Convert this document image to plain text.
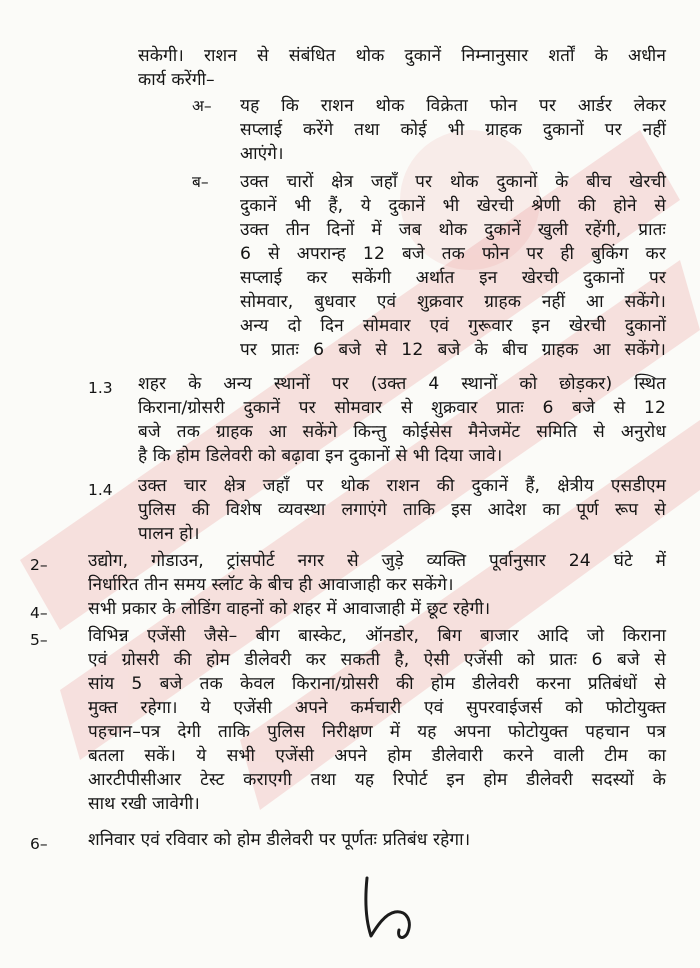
सकेगी। राशन से संबंधित थोक दुकानें निम्नानुसार शर्तों के अधीन
कार्य करेंगी–
अ– यह कि राशन थोक विक्रेता फोन पर आर्डर लेकर
सप्लाई करेंगे तथा कोई भी ग्राहक दुकानों पर नहीं
आएंगे।
ब– उक्त चारों क्षेत्र जहाँ पर थोक दुकानों के बीच खेरची
दुकानें भी हैं, ये दुकानें भी खेरची श्रेणी की होने से
उक्त तीन दिनों में जब थोक दुकानें खुली रहेंगी, प्रातः
6 से अपरान्ह 12 बजे तक फोन पर ही बुकिंग कर
सप्लाई कर सकेंगी अर्थात इन खेरची दुकानों पर
सोमवार, बुधवार एवं शुक्रवार ग्राहक नहीं आ सकेंगे।
अन्य दो दिन सोमवार एवं गुरूवार इन खेरची दुकानों
पर प्रातः 6 बजे से 12 बजे के बीच ग्राहक आ सकेंगे।
1.3 शहर के अन्य स्थानों पर (उक्त 4 स्थानों को छोड़कर) स्थित
किराना/ग्रोसरी दुकानें पर सोमवार से शुक्रवार प्रातः 6 बजे से 12
बजे तक ग्राहक आ सकेंगे किन्तु कोईसेस मैनेजमेंट समिति से अनुरोध
है कि होम डिलेवरी को बढ़ावा इन दुकानों से भी दिया जावे।
1.4 उक्त चार क्षेत्र जहाँ पर थोक राशन की दुकानें हैं, क्षेत्रीय एसडीएम
पुलिस की विशेष व्यवस्था लगाएंगे ताकि इस आदेश का पूर्ण रूप से
पालन हो।
2– उद्योग, गोडाउन, ट्रांसपोर्ट नगर से जुड़े व्यक्ति पूर्वानुसार 24 घंटे में
निर्धारित तीन समय स्लॉट के बीच ही आवाजाही कर सकेंगे।
4– सभी प्रकार के लोडिंग वाहनों को शहर में आवाजाही में छूट रहेगी।
5– विभिन्न एजेंसी जैसे– बीग बास्केट, ऑनडोर, बिग बाजार आदि जो किराना
एवं ग्रोसरी की होम डीलेवरी कर सकती है, ऐसी एजेंसी को प्रातः 6 बजे से
सांय 5 बजे तक केवल किराना/ग्रोसरी की होम डीलेवरी करना प्रतिबंधों से
मुक्त रहेगा। ये एजेंसी अपने कर्मचारी एवं सुपरवाईजर्स को फोटोयुक्त
पहचान–पत्र देगी ताकि पुलिस निरीक्षण में यह अपना फोटोयुक्त पहचान पत्र
बतला सकें। ये सभी एजेंसी अपने होम डीलेवारी करने वाली टीम का
आरटीपीसीआर टेस्ट कराएगी तथा यह रिपोर्ट इन होम डीलेवरी सदस्यों के
साथ रखी जावेगी।
6– शनिवार एवं रविवार को होम डीलेवरी पर पूर्णतः प्रतिबंध रहेगा।
